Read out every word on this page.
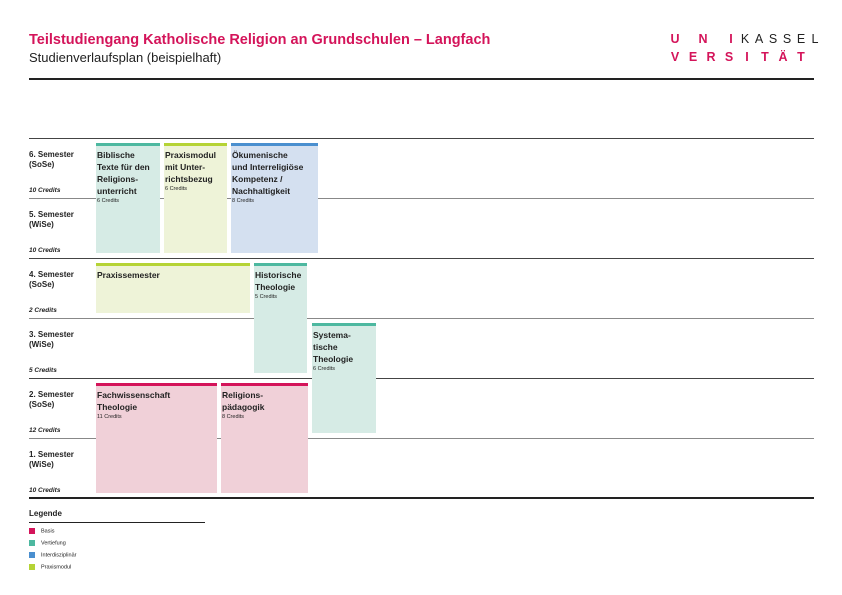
Teilstudiengang Katholische Religion an Grundschulen – Langfach
Studienverlaufsplan (beispielhaft)
U N	I K A S S E L
V E R S I T Ä T
6. Semester
(SoSe)
10 Credits
5. Semester
(WiSe)
10 Credits
4. Semester
(SoSe)
2 Credits
3. Semester
(WiSe)
5 Credits
2. Semester
(SoSe)
12 Credits
1. Semester
(WiSe)
10 Credits
Biblische
Texte für den
Religions-
unterricht
6 Credits
Praxismodul
mit Unter-
richtsbezug
6 Credits
Ökumenische
und Interreligiöse
Kompetenz /
Nachhaltigkeit
8 Credits
Praxissemester	Historische
Theologie
5 Credits
Systema-
tische
Theologie
6 Credits
Fachwissenschaft
Theologie
11 Credits
Religions-
pädagogik
8 Credits
Legende
Basis
Vertiefung
Interdisziplinär
Praxismodul
